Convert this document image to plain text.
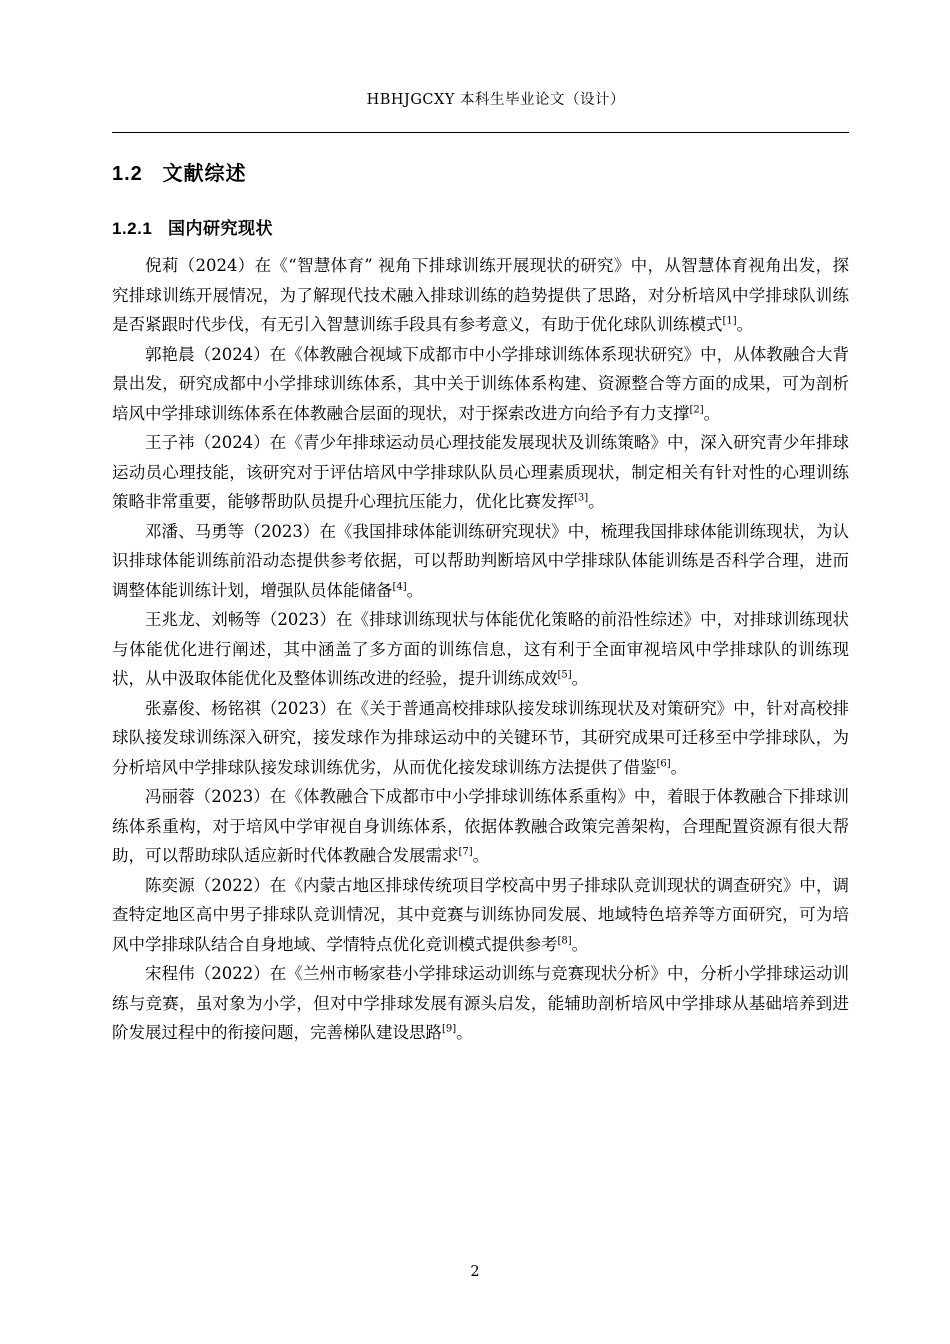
HBHJGCXY 本科生毕业论文（设计）

1.2   文献综述
1.2.1   国内研究现状

倪莉（2024）在《“智慧体育” 视角下排球训练开展现状的研究》中，从智慧体育视角出发，探究排球训练开展情况，为了解现代技术融入排球训练的趋势提供了思路，对分析培风中学排球队训练是否紧跟时代步伐，有无引入智慧训练手段具有参考意义，有助于优化球队训练模式[1]。

郭艳晨（2024）在《体教融合视域下成都市中小学排球训练体系现状研究》中，从体教融合大背景出发，研究成都中小学排球训练体系，其中关于训练体系构建、资源整合等方面的成果，可为剖析培风中学排球训练体系在体教融合层面的现状，对于探索改进方向给予有力支撑[2]。

王子祎（2024）在《青少年排球运动员心理技能发展现状及训练策略》中，深入研究青少年排球运动员心理技能，该研究对于评估培风中学排球队队员心理素质现状，制定相关有针对性的心理训练策略非常重要，能够帮助队员提升心理抗压能力，优化比赛发挥[3]。

邓潘、马勇等（2023）在《我国排球体能训练研究现状》中，梳理我国排球体能训练现状，为认识排球体能训练前沿动态提供参考依据，可以帮助判断培风中学排球队体能训练是否科学合理，进而调整体能训练计划，增强队员体能储备[4]。

王兆龙、刘畅等（2023）在《排球训练现状与体能优化策略的前沿性综述》中，对排球训练现状与体能优化进行阐述，其中涵盖了多方面的训练信息，这有利于全面审视培风中学排球队的训练现状，从中汲取体能优化及整体训练改进的经验，提升训练成效[5]。

张嘉俊、杨铭祺（2023）在《关于普通高校排球队接发球训练现状及对策研究》中，针对高校排球队接发球训练深入研究，接发球作为排球运动中的关键环节，其研究成果可迁移至中学排球队，为分析培风中学排球队接发球训练优劣，从而优化接发球训练方法提供了借鉴[6]。

冯丽蓉（2023）在《体教融合下成都市中小学排球训练体系重构》中，着眼于体教融合下排球训练体系重构，对于培风中学审视自身训练体系，依据体教融合政策完善架构，合理配置资源有很大帮助，可以帮助球队适应新时代体教融合发展需求[7]。

陈奕源（2022）在《内蒙古地区排球传统项目学校高中男子排球队竞训现状的调查研究》中，调查特定地区高中男子排球队竞训情况，其中竞赛与训练协同发展、地域特色培养等方面研究，可为培风中学排球队结合自身地域、学情特点优化竞训模式提供参考[8]。

宋程伟（2022）在《兰州市畅家巷小学排球运动训练与竞赛现状分析》中，分析小学排球运动训练与竞赛，虽对象为小学，但对中学排球发展有源头启发，能辅助剖析培风中学排球从基础培养到进阶发展过程中的衔接问题，完善梯队建设思路[9]。

2
